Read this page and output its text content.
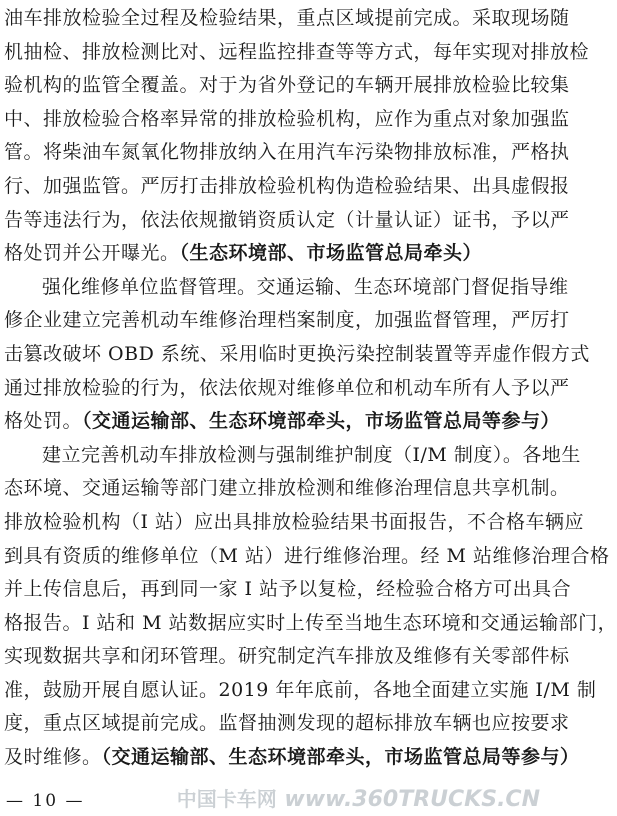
油车排放检验全过程及检验结果，重点区域提前完成。采取现场随
机抽检、排放检测比对、远程监控排查等等方式，每年实现对排放检
验机构的监管全覆盖。对于为省外登记的车辆开展排放检验比较集
中、排放检验合格率异常的排放检验机构，应作为重点对象加强监
管。将柴油车氮氧化物排放纳入在用汽车污染物排放标准，严格执
行、加强监管。严厉打击排放检验机构伪造检验结果、出具虚假报
告等违法行为，依法依规撤销资质认定（计量认证）证书，予以严
格处罚并公开曝光。（生态环境部、市场监管总局牵头）
强化维修单位监督管理。交通运输、生态环境部门督促指导维
修企业建立完善机动车维修治理档案制度，加强监督管理，严厉打
击篡改破坏 OBD 系统、采用临时更换污染控制装置等弄虚作假方式
通过排放检验的行为，依法依规对维修单位和机动车所有人予以严
格处罚。（交通运输部、生态环境部牵头，市场监管总局等参与）
建立完善机动车排放检测与强制维护制度（I/M 制度）。各地生
态环境、交通运输等部门建立排放检测和维修治理信息共享机制。
排放检验机构（I 站）应出具排放检验结果书面报告，不合格车辆应
到具有资质的维修单位（M 站）进行维修治理。经 M 站维修治理合格
并上传信息后，再到同一家 I 站予以复检，经检验合格方可出具合
格报告。I 站和 M 站数据应实时上传至当地生态环境和交通运输部门，
实现数据共享和闭环管理。研究制定汽车排放及维修有关零部件标
准，鼓励开展自愿认证。2019 年年底前，各地全面建立实施 I/M 制
度，重点区域提前完成。监督抽测发现的超标排放车辆也应按要求
及时维修。（交通运输部、生态环境部牵头，市场监管总局等参与）
— 10 —	中国卡车网 www.360TRUCKS.CN
